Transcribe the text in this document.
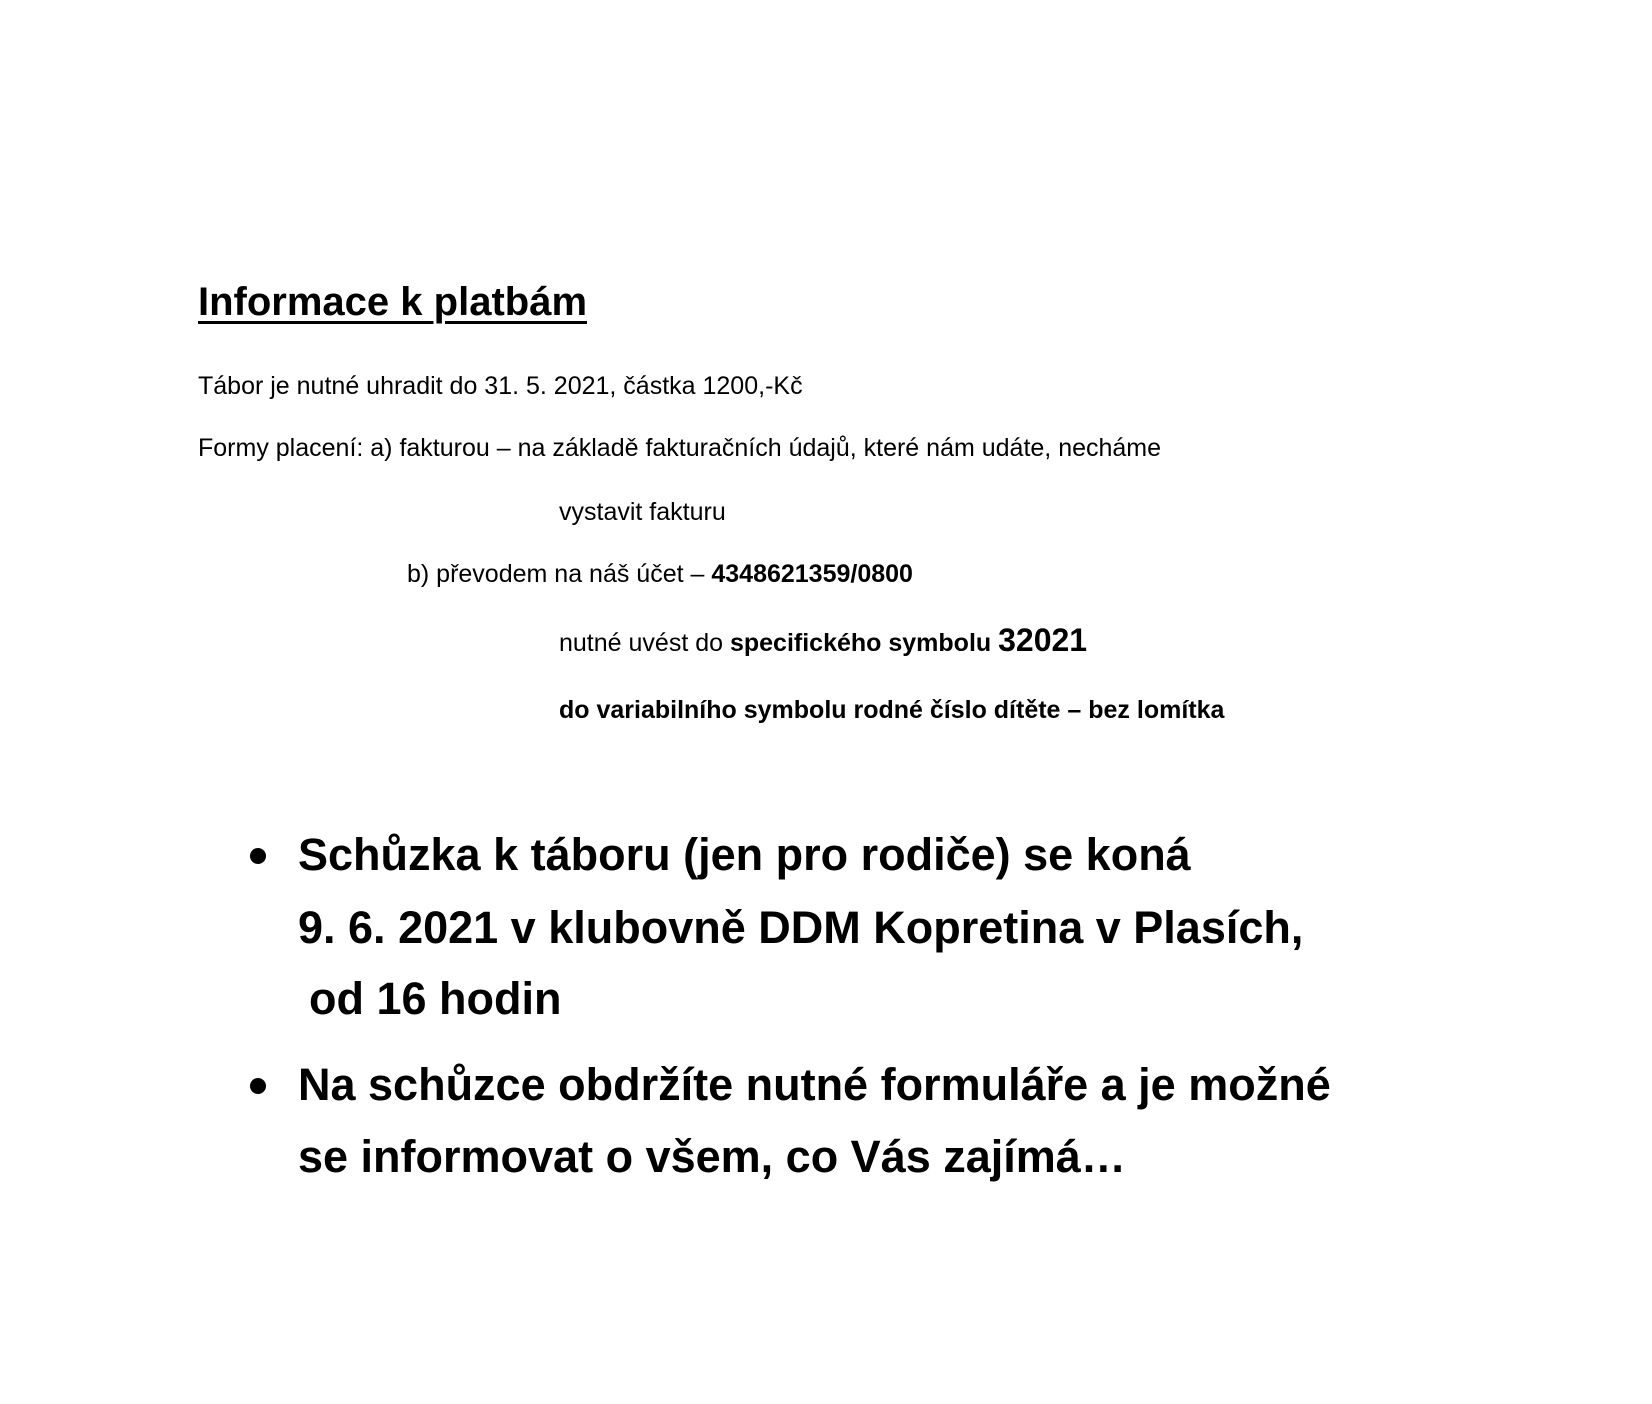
Informace k platbám
Tábor je nutné uhradit do 31. 5. 2021, částka 1200,-Kč
Formy placení: a) fakturou – na základě fakturačních údajů, které nám udáte, necháme
vystavit fakturu
b) převodem na náš účet – 4348621359/0800
nutné uvést do specifického symbolu 32021
do variabilního symbolu rodné číslo dítěte – bez lomítka
Schůzka k táboru (jen pro rodiče) se koná
9. 6. 2021 v klubovně DDM Kopretina v Plasích,
od 16 hodin
Na schůzce obdržíte nutné formuláře a je možné
se informovat o všem, co Vás zajímá…
